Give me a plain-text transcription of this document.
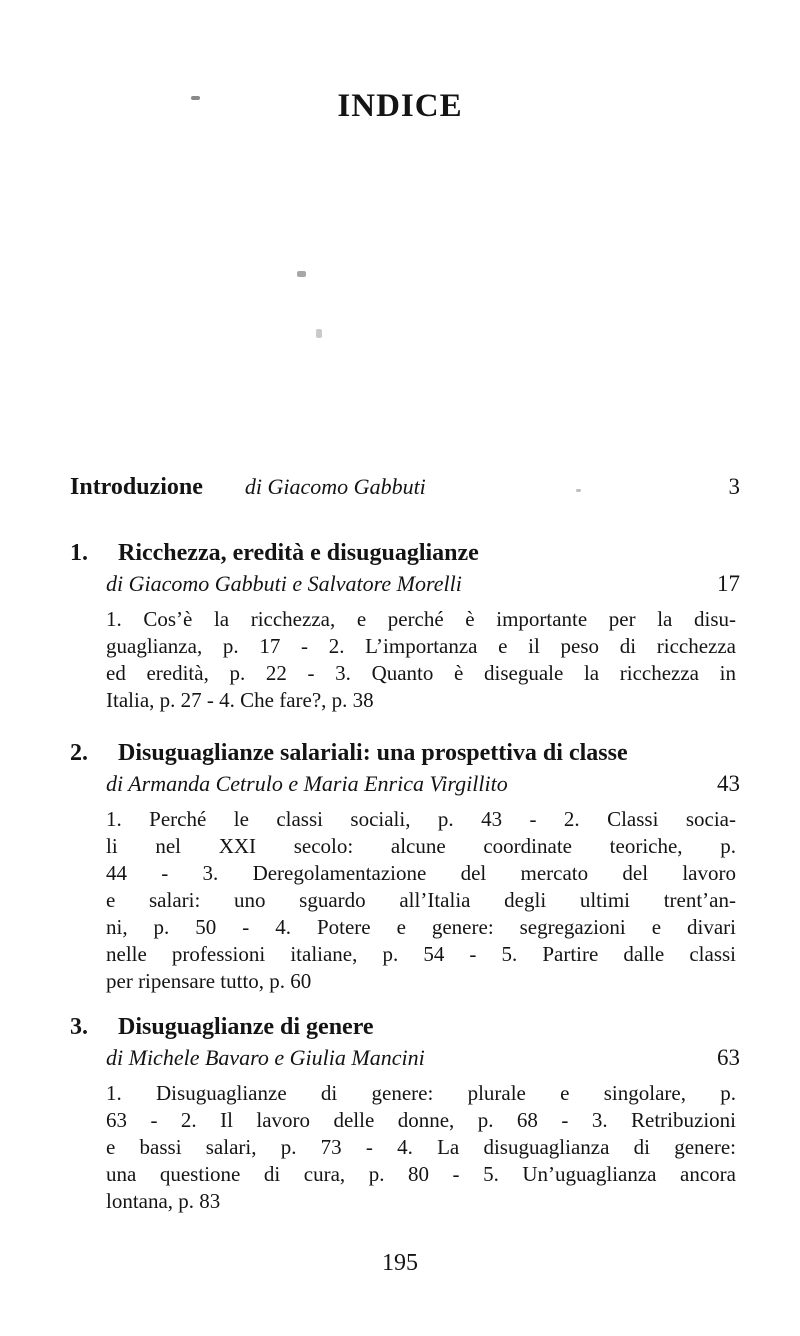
INDICE
Introduzione di Giacomo Gabbuti	3
1.	Ricchezza, eredità e disuguaglianze
di Giacomo Gabbuti e Salvatore Morelli	17
1. Cos’è la ricchezza, e perché è importante per la disu-
guaglianza, p. 17 - 2. L’importanza e il peso di ricchezza
ed eredità, p. 22 - 3. Quanto è diseguale la ricchezza in
Italia, p. 27 - 4. Che fare?, p. 38
2.	Disuguaglianze salariali: una prospettiva di classe
di Armanda Cetrulo e Maria Enrica Virgillito	43
1. Perché le classi sociali, p. 43 - 2. Classi socia-
li nel XXI secolo: alcune coordinate teoriche, p.
44 - 3. Deregolamentazione del mercato del lavoro
e salari: uno sguardo all’Italia degli ultimi trent’an-
ni, p. 50 - 4. Potere e genere: segregazioni e divari
nelle professioni italiane, p. 54 - 5. Partire dalle classi
per ripensare tutto, p. 60
3.	Disuguaglianze di genere
di Michele Bavaro e Giulia Mancini	63
1. Disuguaglianze di genere: plurale e singolare, p.
63 - 2. Il lavoro delle donne, p. 68 - 3. Retribuzioni
e bassi salari, p. 73 - 4. La disuguaglianza di genere:
una questione di cura, p. 80 - 5. Un’uguaglianza ancora
lontana, p. 83
195
